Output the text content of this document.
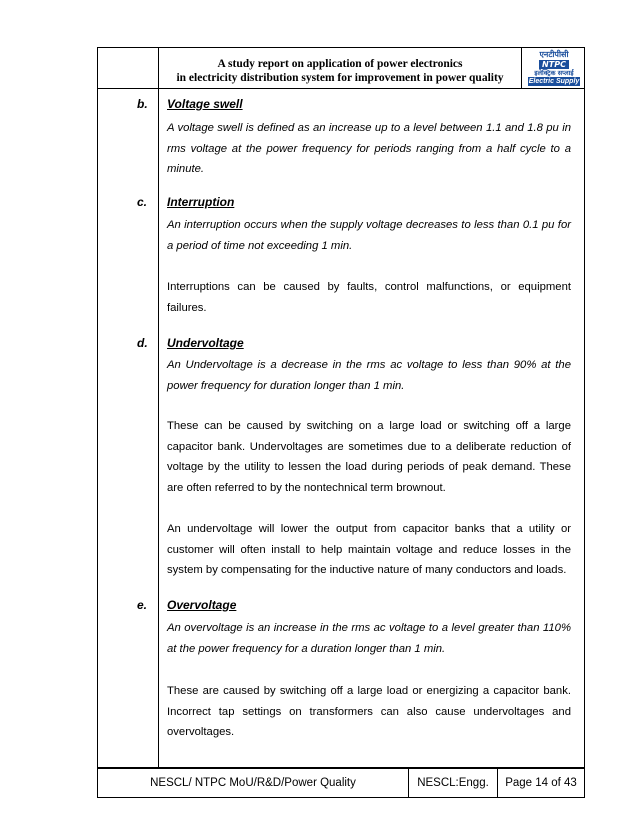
A study report on application of power electronics
in electricity distribution system for improvement in power quality
एनटीपीसी
NTPC
इलेक्ट्रिक सप्लाई
Electric Supply
b.	Voltage swell
A voltage swell is defined as an increase up to a level between 1.1 and 1.8 pu in rms voltage at the power frequency for periods ranging from a half cycle to a minute.
c.	Interruption
An interruption occurs when the supply voltage decreases to less than 0.1 pu for a period of time not exceeding 1 min.
Interruptions can be caused by faults, control malfunctions, or equipment failures.
d.	Undervoltage
An Undervoltage is a decrease in the rms ac voltage to less than 90% at the power frequency for duration longer than 1 min.
These can be caused by switching on a large load or switching off a large capacitor bank. Undervoltages are sometimes due to a deliberate reduction of voltage by the utility to lessen the load during periods of peak demand. These are often referred to by the nontechnical term brownout.
An undervoltage will lower the output from capacitor banks that a utility or customer will often install to help maintain voltage and reduce losses in the system by compensating for the inductive nature of many conductors and loads.
e.	Overvoltage
An overvoltage is an increase in the rms ac voltage to a level greater than 110% at the power frequency for a duration longer than 1 min.
These are caused by switching off a large load or energizing a capacitor bank. Incorrect tap settings on transformers can also cause undervoltages and overvoltages.
NESCL/ NTPC MoU/R&D/Power Quality	NESCL:Engg.	Page 14 of 43
